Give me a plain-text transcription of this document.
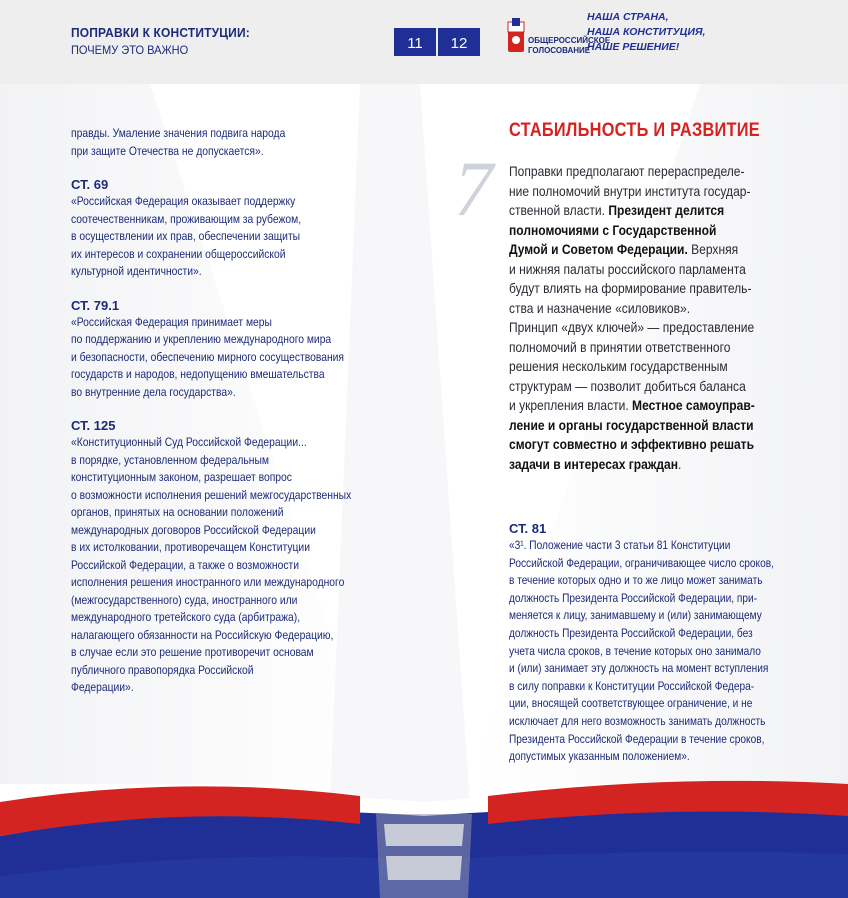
ПОПРАВКИ К КОНСТИТУЦИИ:
ПОЧЕМУ ЭТО ВАЖНО	11	12	ОБЩЕРОССИЙСКОЕ
ГОЛОСОВАНИЕ
НАША СТРАНА,
НАША КОНСТИТУЦИЯ,
НАШЕ РЕШЕНИЕ!
правды. Умаление значения подвига народа
при защите Отечества не допускается».
СТ. 69
«Российская Федерация оказывает поддержку
соотечественникам, проживающим за рубежом,
в осуществлении их прав, обеспечении защиты
их интересов и сохранении общероссийской
культурной идентичности».
СТ. 79.1
«Российская Федерация принимает меры
по поддержанию и укреплению международного мира
и безопасности, обеспечению мирного сосуществования
государств и народов, недопущению вмешательства
во внутренние дела государства».
СТ. 125
«Конституционный Суд Российской Федерации...
в порядке, установленном федеральным
конституционным законом, разрешает вопрос
о возможности исполнения решений межгосударственных
органов, принятых на основании положений
международных договоров Российской Федерации
в их истолковании, противоречащем Конституции
Российской Федерации, а также о возможности
исполнения решения иностранного или международного
(межгосударственного) суда, иностранного или
международного третейского суда (арбитража),
налагающего обязанности на Российскую Федерацию,
в случае если это решение противоречит основам
публичного правопорядка Российской
Федерации».
7
СТАБИЛЬНОСТЬ И РАЗВИТИЕ
Поправки предполагают перераспределе-
ние полномочий внутри института государ-
ственной власти. Президент делится
полномочиями с Государственной
Думой и Советом Федерации. Верхняя
и нижняя палаты российского парламента
будут влиять на формирование правитель-
ства и назначение «силовиков».
Принцип «двух ключей» — предоставление
полномочий в принятии ответственного
решения нескольким государственным
структурам — позволит добиться баланса
и укрепления власти. Местное самоуправ-
ление и органы государственной власти
смогут совместно и эффективно решать
задачи в интересах граждан.
СТ. 81
«3¹. Положение части 3 статьи 81 Конституции
Российской Федерации, ограничивающее число сроков,
в течение которых одно и то же лицо может занимать
должность Президента Российской Федерации, при-
меняется к лицу, занимавшему и (или) занимающему
должность Президента Российской Федерации, без
учета числа сроков, в течение которых оно занимало
и (или) занимает эту должность на момент вступления
в силу поправки к Конституции Российской Федера-
ции, вносящей соответствующее ограничение, и не
исключает для него возможность занимать должность
Президента Российской Федерации в течение сроков,
допустимых указанным положением».
